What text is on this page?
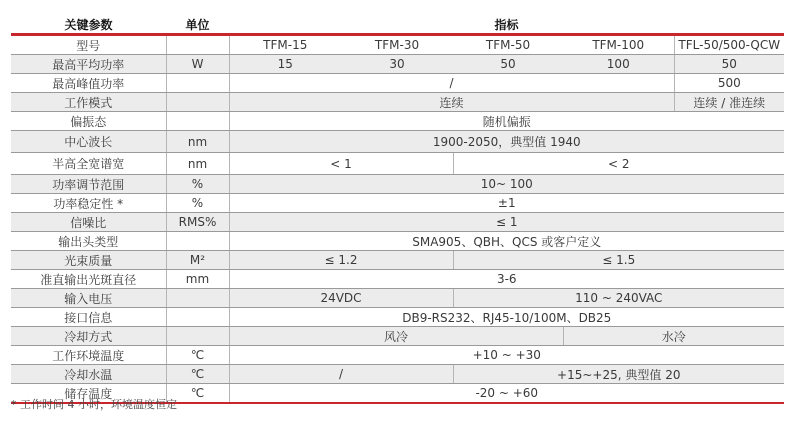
关键参数	单位	指标				
型号		TFM-15	TFM-30	TFM-50	TFM-100	TFL-50/500-QCW
最高平均功率	W	15	30	50	100	50
最高峰值功率		/				500
工作模式		连续				连续 / 准连续
偏振态		随机偏振				
中心波长	nm	1900-2050，典型值 1940				
半高全宽谱宽	nm	< 1		< 2		
功率调节范围	%	10~ 100				
功率稳定性 *	%	±1				
信噪比	RMS%	≤ 1				
输出头类型		SMA905、QBH、QCS 或客户定义				
光束质量	M²	≤ 1.2		≤ 1.5		
准直输出光斑直径	mm	3-6				
输入电压		24VDC		110 ~ 240VAC		
接口信息		DB9-RS232、RJ45-10/100M、DB25				
冷却方式		风冷			水冷	
工作环境温度	℃	+10 ~ +30				
冷却水温	℃	/		+15~+25, 典型值 20		
储存温度	℃	-20 ~ +60				
* 工作时间 4 小时，环境温度恒定
